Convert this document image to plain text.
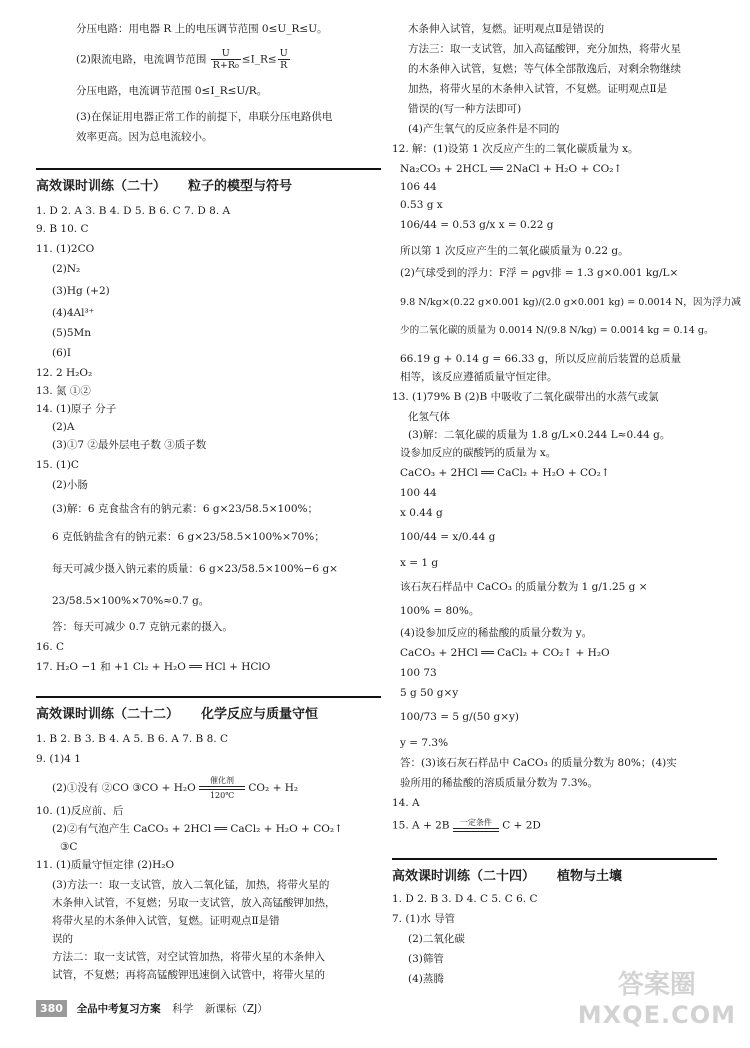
分压电路：用电器 R 上的电压调节范围 0≤U_R≤U。
(2)限流电路，电流调节范围 $\frac{U}{\text{R+R₀}}$ ≤I_R≤ $\frac{U}{R}$
分压电路，电流调节范围 0≤I_R≤U/R。
(3)在保证用电器正常工作的前提下，串联分压电路供电
效率更高。因为总电流较小。
高效课时训练（二十） 粒子的模型与符号
1. D 2. A 3. B 4. D 5. B 6. C 7. D 8. A
9. B 10. C
11. (1)2CO
(2)N₂
(3)Hg (+2)
(4)4Al³⁺
(5)5Mn
(6)I
12. 2 H₂O₂
13. 氮 ①②
14. (1)原子 分子
(2)A
(3)①7 ②最外层电子数 ③质子数
15. (1)C
(2)小肠
(3)解：6 克食盐含有的钠元素：6 g×23/58.5×100%；
6 克低钠盐含有的钠元素：6 g×23/58.5×100%×70%；
每天可减少摄入钠元素的质量：6 g×23/58.5×100%−6 g×
23/58.5×100%×70%≈0.7 g。
答：每天可减少 0.7 克钠元素的摄入。
16. C
17. H₂O −1 和 +1 Cl₂ + H₂O ══ HCl + HClO
高效课时训练（二十二） 化学反应与质量守恒
1. B 2. B 3. B 4. A 5. B 6. A 7. B 8. C
9. (1)4 1
(2)①没有 ②CO ③CO + H₂O 催化剂
120℃ CO₂ + H₂
10. (1)反应前、后
(2)②有气泡产生 CaCO₃ + 2HCl ══ CaCl₂ + H₂O + CO₂↑
③C
11. (1)质量守恒定律 (2)H₂O
(3)方法一：取一支试管，放入二氧化锰，加热，将带火星的
木条伸入试管，不复燃；另取一支试管，放入高锰酸钾加热，
将带火星的木条伸入试管，复燃。证明观点Ⅱ是错
误的
方法二：取一支试管，对空试管加热，将带火星的木条伸入
试管，不复燃；再将高锰酸钾迅速倒入试管中，将带火星的
木条伸入试管，复燃。证明观点Ⅱ是错误的
方法三：取一支试管，加入高锰酸钾，充分加热，将带火星
的木条伸入试管，复燃；等气体全部散逸后，对剩余物继续
加热，将带火星的木条伸入试管，不复燃。证明观点Ⅱ是
错误的(写一种方法即可)
(4)产生氧气的反应条件是不同的
12. 解：(1)设第 1 次反应产生的二氧化碳质量为 x。
Na₂CO₃ + 2HCL ══ 2NaCl + H₂O + CO₂↑
106 44
0.53 g x
106/44 = 0.53 g/x x = 0.22 g
所以第 1 次反应产生的二氧化碳质量为 0.22 g。
(2)气球受到的浮力：F浮 = ρgv排 = 1.3 g×0.001 kg/L×
9.8 N/kg×(0.22 g×0.001 kg)/(2.0 g×0.001 kg) = 0.0014 N，因为浮力减
少的二氧化碳的质量为 0.0014 N/(9.8 N/kg) = 0.0014 kg = 0.14 g。
66.19 g + 0.14 g = 66.33 g，所以反应前后装置的总质量
相等，该反应遵循质量守恒定律。
13. (1)79% B (2)B 中吸收了二氧化碳带出的水蒸气或氯
化氢气体
(3)解：二氧化碳的质量为 1.8 g/L×0.244 L≈0.44 g。
设参加反应的碳酸钙的质量为 x。
CaCO₃ + 2HCl ══ CaCl₂ + H₂O + CO₂↑
100 44
x 0.44 g
100/44 = x/0.44 g
x = 1 g
该石灰石样品中 CaCO₃ 的质量分数为 1 g/1.25 g ×
100% = 80%。
(4)设参加反应的稀盐酸的质量分数为 y。
CaCO₃ + 2HCl ══ CaCl₂ + CO₂↑ + H₂O
100 73
5 g 50 g×y
100/73 = 5 g/(50 g×y)
y = 7.3%
答：(3)该石灰石样品中 CaCO₃ 的质量分数为 80%；(4)实
验所用的稀盐酸的溶质质量分数为 7.3%。
14. A
15. A + 2B 一定条件 C + 2D
高效课时训练（二十四） 植物与土壤
1. D 2. B 3. D 4. C 5. C 6. C
7. (1)水 导管
(2)二氧化碳
(3)筛管
(4)蒸腾
380 全品中考复习方案 科学 新课标（ZJ）
答案圈
MXQE.COM
